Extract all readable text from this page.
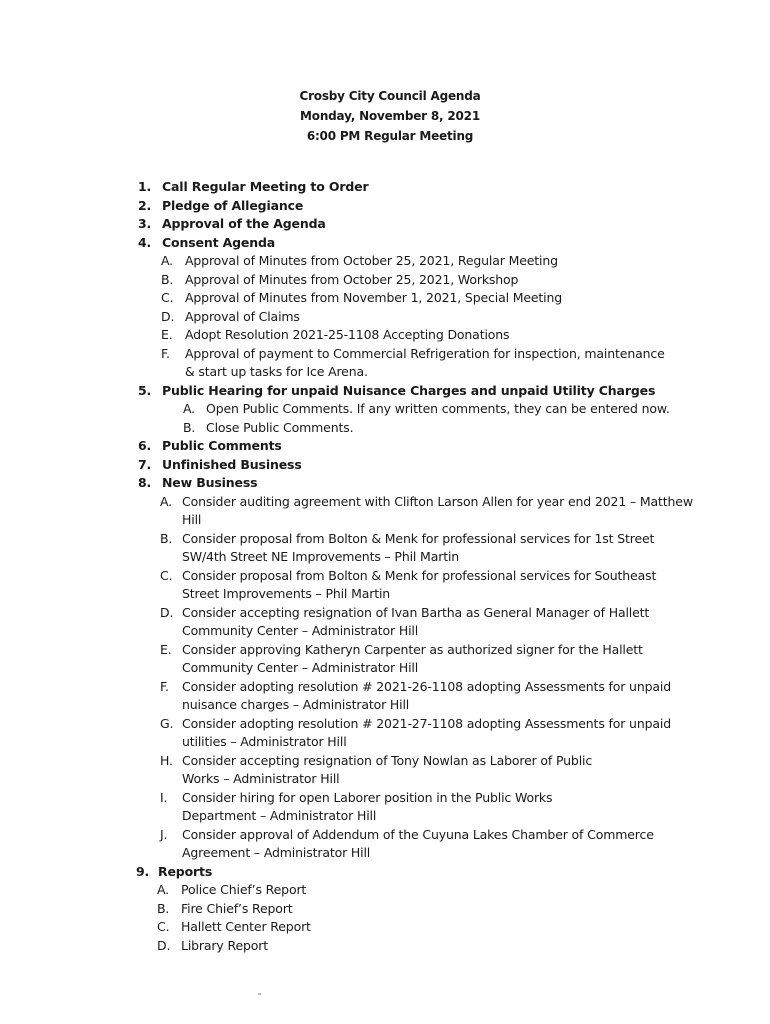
Crosby City Council Agenda
Monday, November 8, 2021
6:00 PM Regular Meeting
1. Call Regular Meeting to Order
2. Pledge of Allegiance
3. Approval of the Agenda
4. Consent Agenda
A. Approval of Minutes from October 25, 2021, Regular Meeting
B. Approval of Minutes from October 25, 2021, Workshop
C. Approval of Minutes from November 1, 2021, Special Meeting
D. Approval of Claims
E. Adopt Resolution 2021-25-1108 Accepting Donations
F.	Approval of payment to Commercial Refrigeration for inspection, maintenance & start up tasks for Ice Arena.
5. Public Hearing for unpaid Nuisance Charges and unpaid Utility Charges
A. Open Public Comments. If any written comments, they can be entered now.
B. Close Public Comments.
6. Public Comments
7. Unfinished Business
8. New Business
A. Consider auditing agreement with Clifton Larson Allen for year end 2021 – Matthew Hill
B. Consider proposal from Bolton & Menk for professional services for 1st Street SW/4th Street NE Improvements – Phil Martin
C. Consider proposal from Bolton & Menk for professional services for Southeast Street Improvements – Phil Martin
D. Consider accepting resignation of Ivan Bartha as General Manager of Hallett Community Center – Administrator Hill
E. Consider approving Katheryn Carpenter as authorized signer for the Hallett Community Center – Administrator Hill
F.	Consider adopting resolution # 2021-26-1108 adopting Assessments for unpaid nuisance charges – Administrator Hill
G. Consider adopting resolution # 2021-27-1108 adopting Assessments for unpaid utilities – Administrator Hill
H. Consider accepting resignation of Tony Nowlan as Laborer of Public Works – Administrator Hill
I.	Consider hiring for open Laborer position in the Public Works Department – Administrator Hill
J.	Consider approval of Addendum of the Cuyuna Lakes Chamber of Commerce Agreement – Administrator Hill
9. Reports
A. Police Chief’s Report
B. Fire Chief’s Report
C. Hallett Center Report
D. Library Report
